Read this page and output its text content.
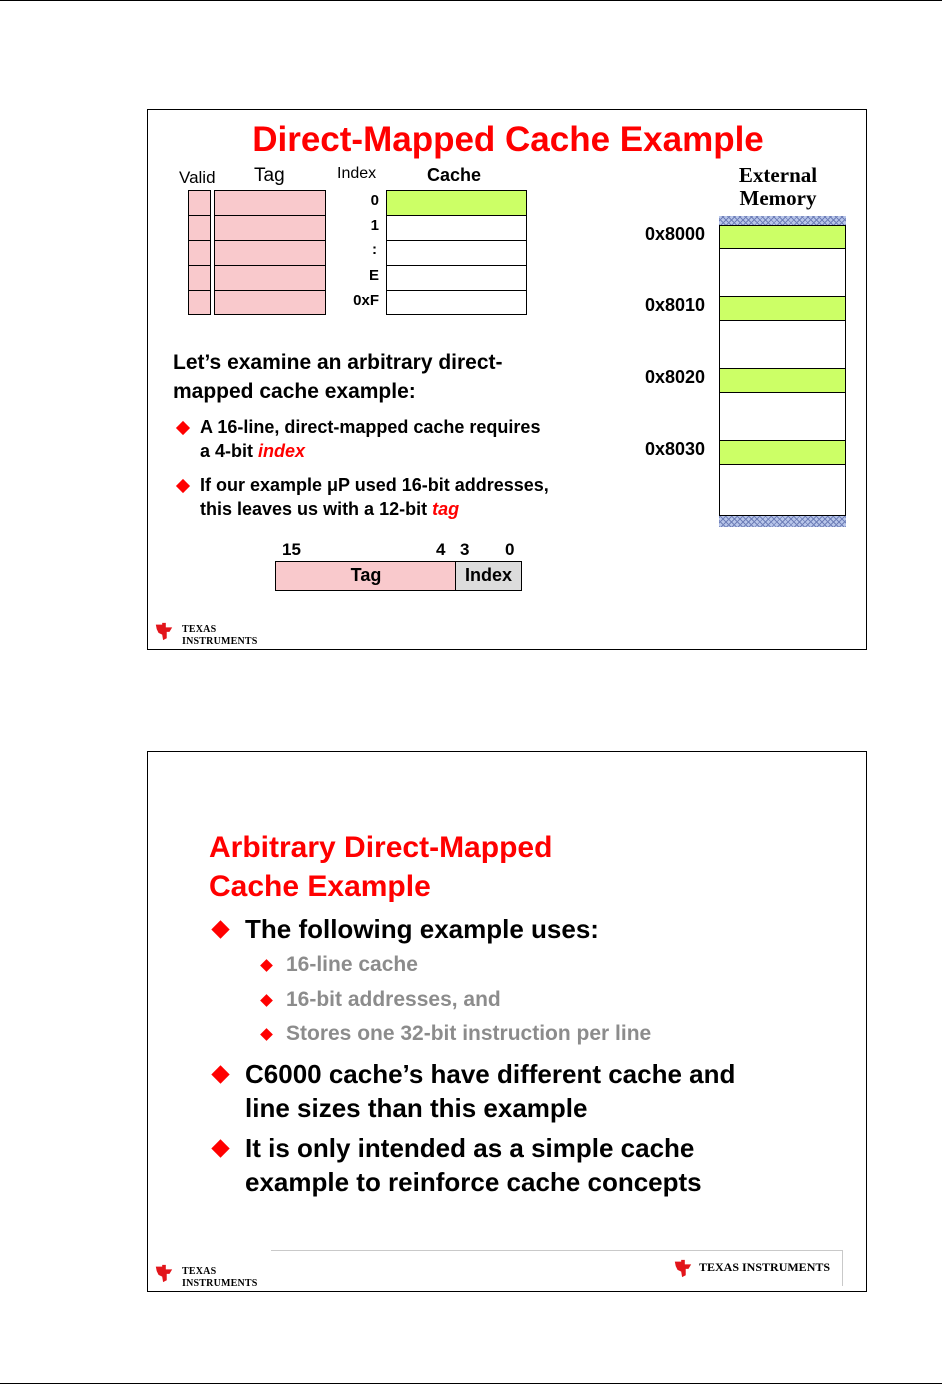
Direct-Mapped Cache Example
Valid Tag	Index	Cache
0
1
:
E
0xF
External
Memory
0x8000
0x8010
0x8020
0x8030
Let’s examine an arbitrary direct-
mapped cache example:
A 16-line, direct-mapped cache requires
a 4-bit index
If our example μP used 16-bit addresses,
this leaves us with a 12-bit tag
15	4 3 0
Tag	Index
TEXAS
INSTRUMENTS
Arbitrary Direct-Mapped
Cache Example
The following example uses:
16-line cache
16-bit addresses, and
Stores one 32-bit instruction per line
C6000 cache’s have different cache and
line sizes than this example
It is only intended as a simple cache
example to reinforce cache concepts
TEXAS INSTRUMENTS
TEXAS
INSTRUMENTS
